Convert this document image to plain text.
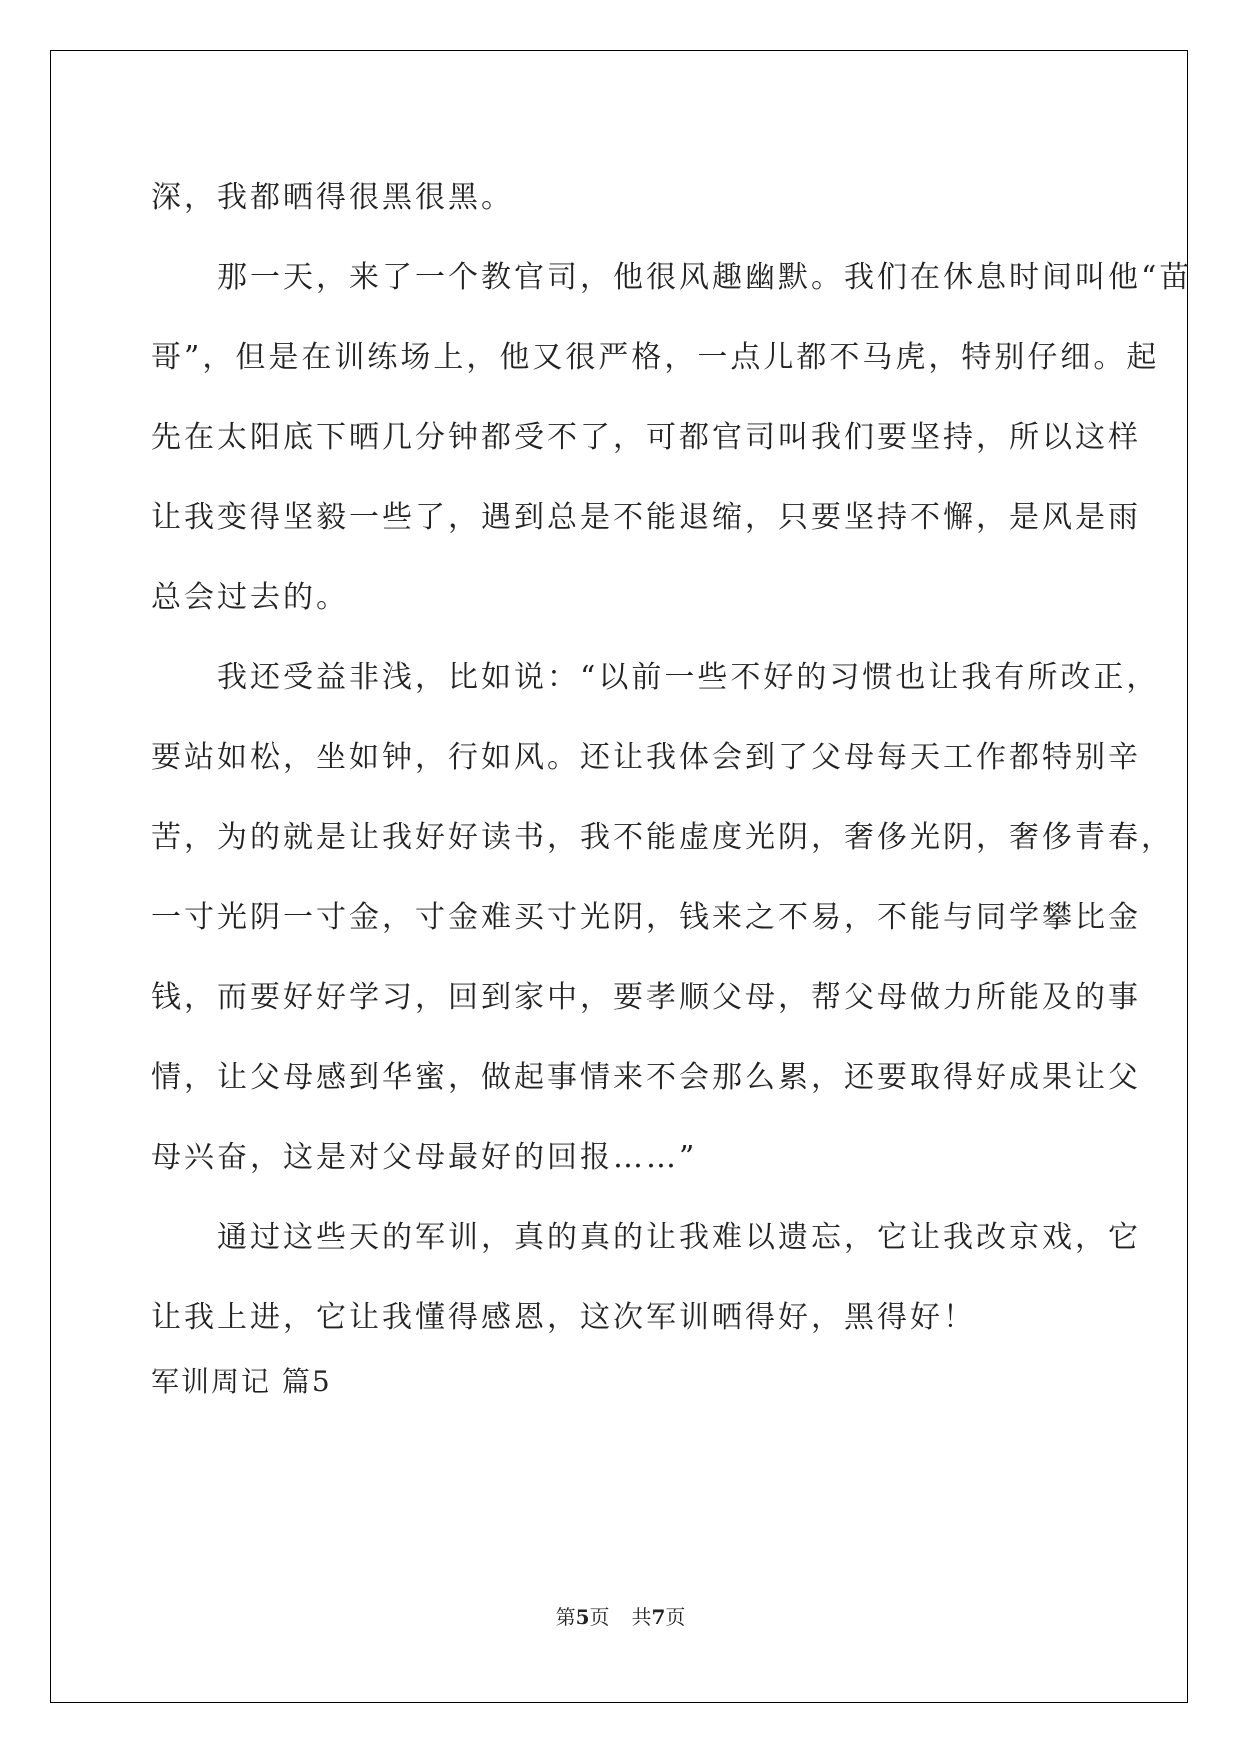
深，我都晒得很黑很黑。
　　那一天，来了一个教官司，他很风趣幽默。我们在休息时间叫他“苗
哥”，但是在训练场上，他又很严格，一点儿都不马虎，特别仔细。起
先在太阳底下晒几分钟都受不了，可都官司叫我们要坚持，所以这样
让我变得坚毅一些了，遇到总是不能退缩，只要坚持不懈，是风是雨
总会过去的。
　　我还受益非浅，比如说：“以前一些不好的习惯也让我有所改正，
要站如松，坐如钟，行如风。还让我体会到了父母每天工作都特别辛
苦，为的就是让我好好读书，我不能虚度光阴，奢侈光阴，奢侈青春，
一寸光阴一寸金，寸金难买寸光阴，钱来之不易，不能与同学攀比金
钱，而要好好学习，回到家中，要孝顺父母，帮父母做力所能及的事
情，让父母感到华蜜，做起事情来不会那么累，还要取得好成果让父
母兴奋，这是对父母最好的回报……”
　　通过这些天的军训，真的真的让我难以遗忘，它让我改京戏，它
让我上进，它让我懂得感恩，这次军训晒得好，黑得好！
军训周记 篇5
第5页 共7页
